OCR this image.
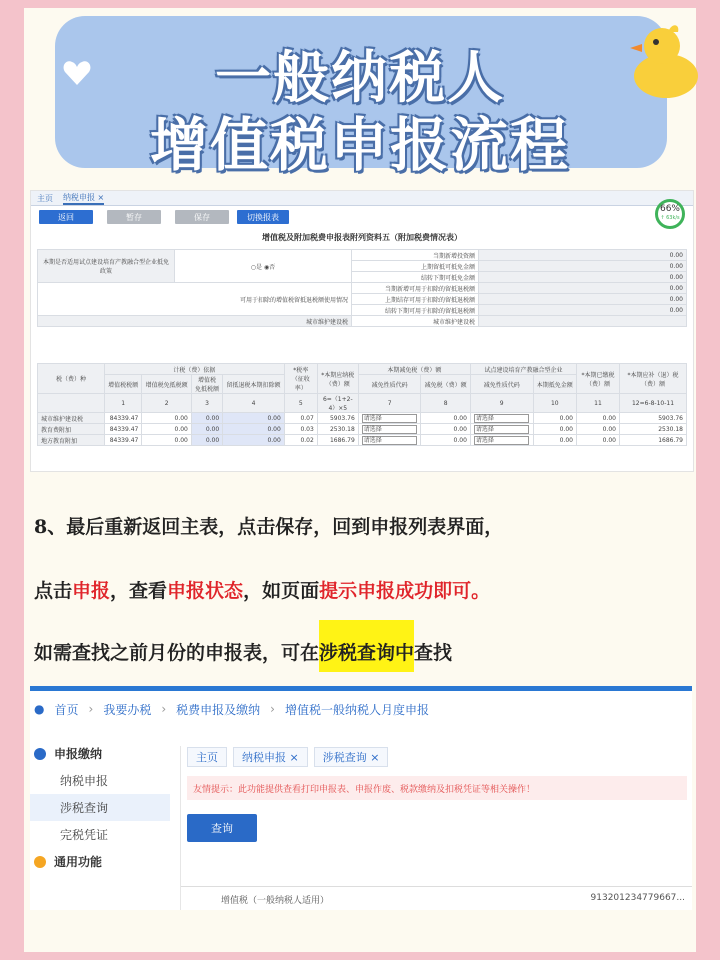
一般纳税人
增值税申报流程
主页 纳税申报 ×
返回	暂存	保存	切换报表
66%
↑ 63k/s
增值税及附加税费申报表附列资料五（附加税费情况表）
本期是否适用试点建设培育产教融合型企业抵免政策	○是 ◉否	当期新增投资额	0.00
		上期留抵可抵免金额	0.00
		结转下期可抵免金额	0.00
可用于扣除的增值税留抵退税额使用情况		当期新增可用于扣除的留抵退税额	0.00
		上期结存可用于扣除的留抵退税额	0.00
		结转下期可用于扣除的留抵退税额	0.00
城市维护建设税		城市维护建设税	
税（费）种	计税（费）依据				*税率（征收率）	*本期应纳税（费）额	本期减免税（费）额		试点建设培育产教融合型企业		*本期已缴税（费）额	*本期应补（退）税（费）额
	增值税税额	增值税免抵税额	增值税
免抵税额	留抵退税本期扣除额			减免性质代码	减免税（费）额	减免性质代码	本期抵免金额		
	1	2	3	4	5	6=（1+2-4）×5	7	8	9	10	11	12=6-8-10-11
城市维护建设税	84339.47	0.00	0.00	0.00	0.07	5903.76	请选择	0.00	请选择	0.00	0.00	5903.76
教育费附加	84339.47	0.00	0.00	0.00	0.03	2530.18	请选择	0.00	请选择	0.00	0.00	2530.18
地方教育附加	84339.47	0.00	0.00	0.00	0.02	1686.79	请选择	0.00	请选择	0.00	0.00	1686.79
8、最后重新返回主表，点击保存，回到申报列表界面，
点击申报，查看申报状态，如页面提示申报成功即可。
如需查找之前月份的申报表，可在涉税查询中查找
● 首页 › 我要办税 › 税费申报及缴纳 › 增值税一般纳税人月度申报
申报缴纳
纳税申报
涉税查询
完税凭证
通用功能
主页	纳税申报 ×	涉税查询 ×
友情提示：此功能提供查看打印申报表、申报作废、税款缴纳及扣税凭证等相关操作！
查询
增值税（一般纳税人适用）	913201234779667...
